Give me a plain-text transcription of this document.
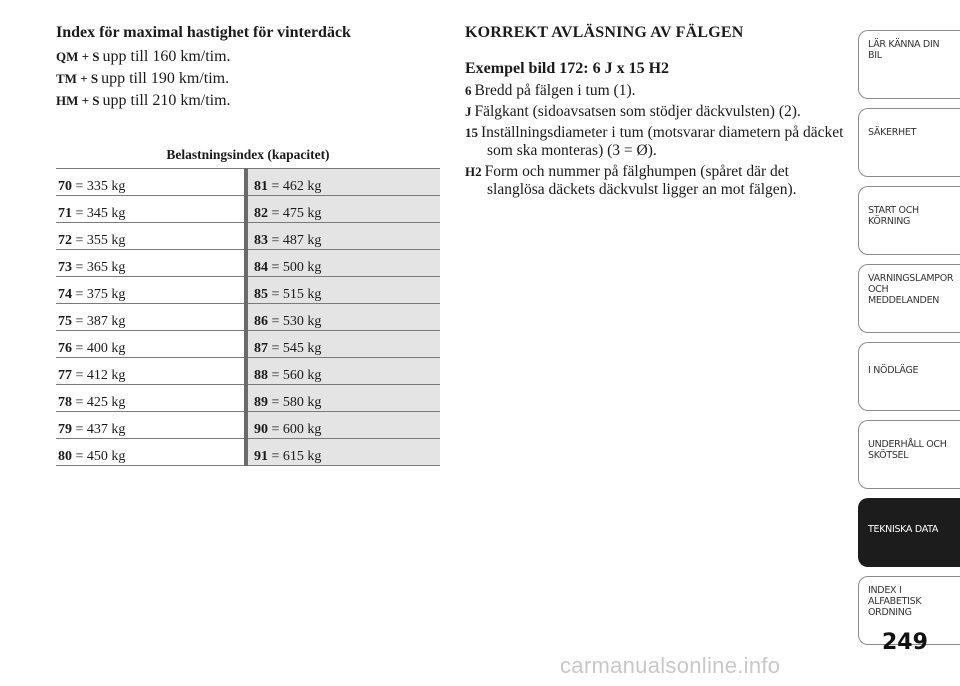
Index för maximal hastighet för vinterdäck
QM + S upp till 160 km/tim.
TM + S upp till 190 km/tim.
HM + S upp till 210 km/tim.
Belastningsindex (kapacitet)
70 = 335 kg	81 = 462 kg
71 = 345 kg	82 = 475 kg
72 = 355 kg	83 = 487 kg
73 = 365 kg	84 = 500 kg
74 = 375 kg	85 = 515 kg
75 = 387 kg	86 = 530 kg
76 = 400 kg	87 = 545 kg
77 = 412 kg	88 = 560 kg
78 = 425 kg	89 = 580 kg
79 = 437 kg	90 = 600 kg
80 = 450 kg	91 = 615 kg
KORREKT AVLÄSNING AV FÄLGEN
Exempel bild 172: 6 J x 15 H2
6 Bredd på fälgen i tum (1).
J Fälgkant (sidoavsatsen som stödjer däckvulsten) (2).
15 Inställningsdiameter i tum (motsvarar diametern på däcket som ska monteras) (3 = Ø).
H2 Form och nummer på fälghumpen (spåret där det slanglösa däckets däckvulst ligger an mot fälgen).
LÄR KÄNNA DIN BIL
SÄKERHET
START OCH KÖRNING
VARNINGSLAMPOR OCH MEDDELANDEN
I NÖDLÄGE
UNDERHÅLL OCH SKÖTSEL
TEKNISKA DATA
INDEX I ALFABETISK ORDNING
249
carmanualsonline.info
